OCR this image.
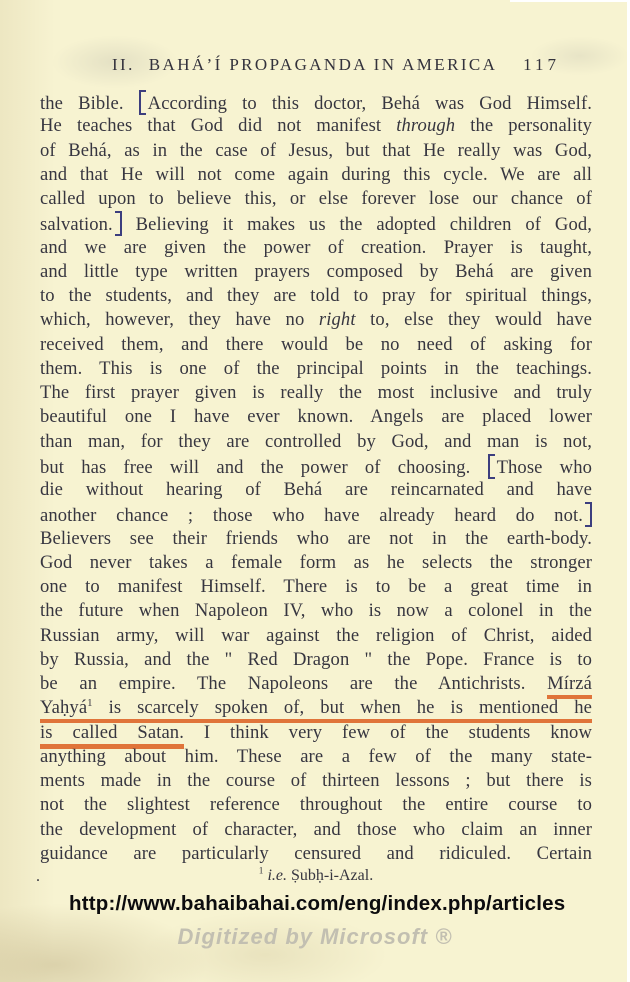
II. BAHÁ’Í PROPAGANDA IN AMERICA 117
the Bible. According to this doctor, Behá was God Himself.
He teaches that God did not manifest through the personality
of Behá, as in the case of Jesus, but that He really was God,
and that He will not come again during this cycle. We are all
called upon to believe this, or else forever lose our chance of
salvation. Believing it makes us the adopted children of God,
and we are given the power of creation. Prayer is taught,
and little type written prayers composed by Behá are given
to the students, and they are told to pray for spiritual things,
which, however, they have no right to, else they would have
received them, and there would be no need of asking for
them. This is one of the principal points in the teachings.
The first prayer given is really the most inclusive and truly
beautiful one I have ever known. Angels are placed lower
than man, for they are controlled by God, and man is not,
but has free will and the power of choosing. Those who
die without hearing of Behá are reincarnated and have
another chance ; those who have already heard do not.
Believers see their friends who are not in the earth-body.
God never takes a female form as he selects the stronger
one to manifest Himself. There is to be a great time in
the future when Napoleon IV, who is now a colonel in the
Russian army, will war against the religion of Christ, aided
by Russia, and the " Red Dragon " the Pope. France is to
be an empire. The Napoleons are the Antichrists. Mírzá
Yaḥyá$^1$ is scarcely spoken of, but when he is mentioned he
is called Satan. I think very few of the students know
anything about him. These are a few of the many state-
ments made in the course of thirteen lessons ; but there is
not the slightest reference throughout the entire course to
the development of character, and those who claim an inner
guidance are particularly censured and ridiculed. Certain
.	$^1$ i.e. Ṣubḥ-i-Azal.
http://www.bahaibahai.com/eng/index.php/articles
Digitized by Microsoft ®
